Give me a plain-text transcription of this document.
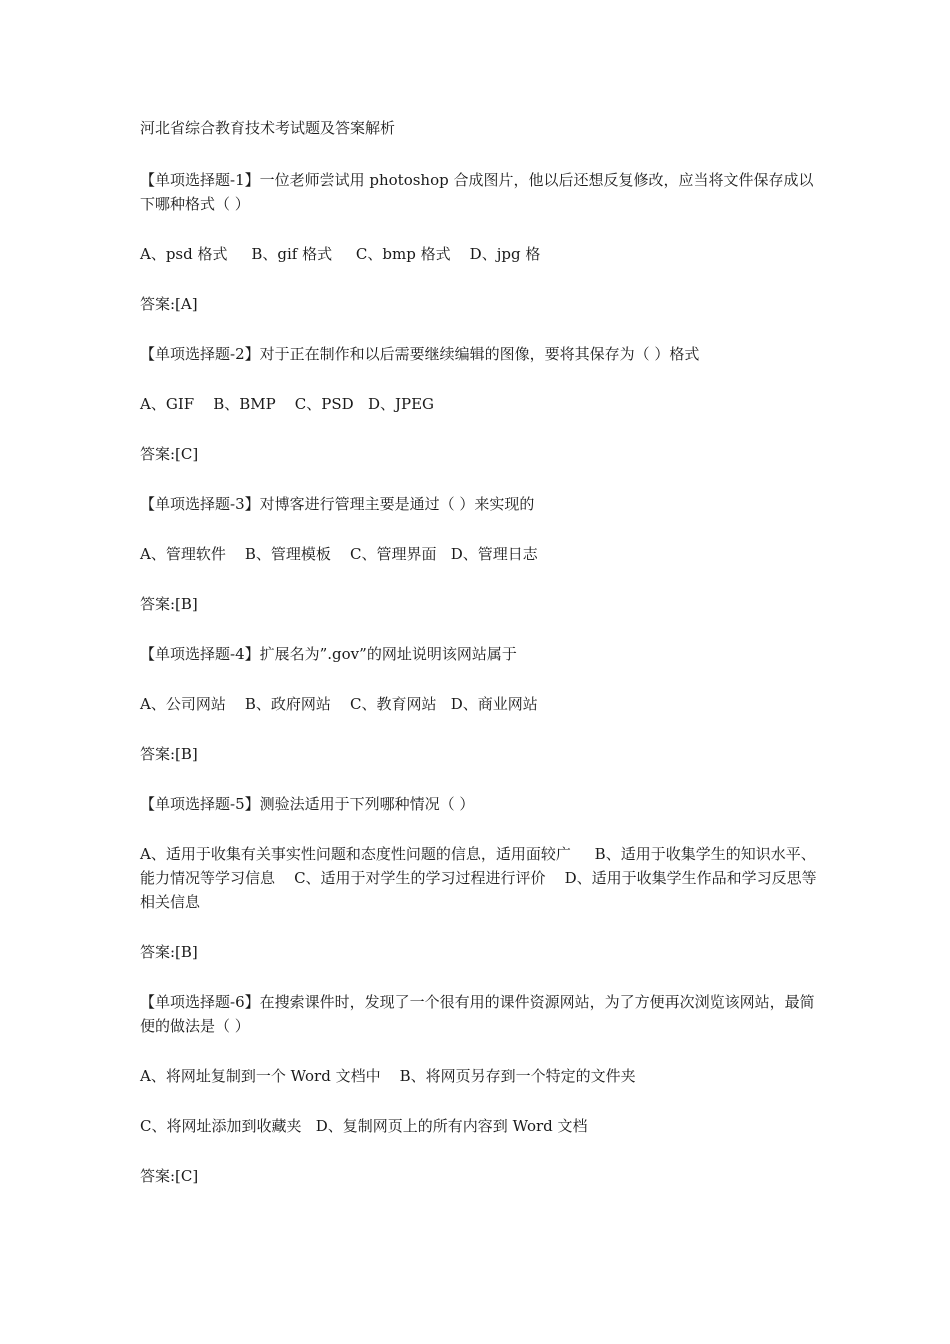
河北省综合教育技术考试题及答案解析
【单项选择题-1】一位老师尝试用 photoshop 合成图片，他以后还想反复修改，应当将文件保存成以下哪种格式（ ）
A、psd 格式     B、gif 格式     C、bmp 格式    D、jpg 格
答案:[A]
【单项选择题-2】对于正在制作和以后需要继续编辑的图像，要将其保存为（ ）格式
A、GIF    B、BMP    C、PSD   D、JPEG
答案:[C]
【单项选择题-3】对博客进行管理主要是通过（ ）来实现的
A、管理软件    B、管理模板    C、管理界面   D、管理日志
答案:[B]
【单项选择题-4】扩展名为”.gov”的网址说明该网站属于
A、公司网站    B、政府网站    C、教育网站   D、商业网站
答案:[B]
【单项选择题-5】测验法适用于下列哪种情况（ ）
A、适用于收集有关事实性问题和态度性问题的信息，适用面较广     B、适用于收集学生的知识水平、能力情况等学习信息    C、适用于对学生的学习过程进行评价    D、适用于收集学生作品和学习反思等相关信息
答案:[B]
【单项选择题-6】在搜索课件时，发现了一个很有用的课件资源网站，为了方便再次浏览该网站，最简便的做法是（ ）
A、将网址复制到一个 Word 文档中    B、将网页另存到一个特定的文件夹
C、将网址添加到收藏夹   D、复制网页上的所有内容到 Word 文档
答案:[C]
